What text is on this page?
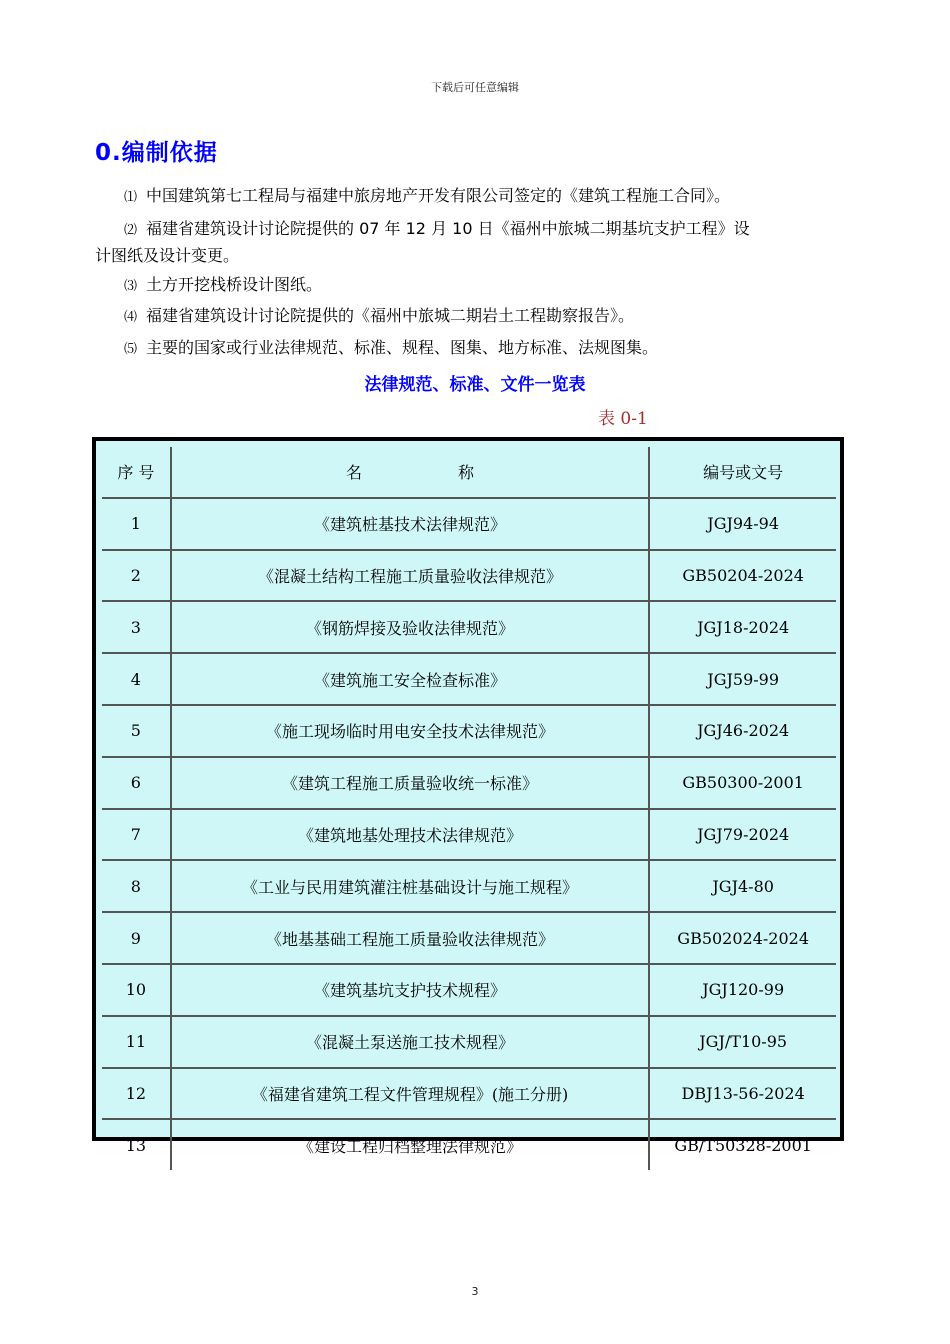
下载后可任意编辑
0.编制依据
⑴ 中国建筑第七工程局与福建中旅房地产开发有限公司签定的《建筑工程施工合同》。
⑵ 福建省建筑设计讨论院提供的 07 年 12 月 10 日《福州中旅城二期基坑支护工程》设
计图纸及设计变更。
⑶ 土方开挖栈桥设计图纸。
⑷ 福建省建筑设计讨论院提供的《福州中旅城二期岩土工程勘察报告》。
⑸ 主要的国家或行业法律规范、标准、规程、图集、地方标准、法规图集。
法律规范、标准、文件一览表
表 0-1
序 号	名　　　　　　称	编号或文号
1	《建筑桩基技术法律规范》	JGJ94-94
2	《混凝土结构工程施工质量验收法律规范》	GB50204-2024
3	《钢筋焊接及验收法律规范》	JGJ18-2024
4	《建筑施工安全检查标准》	JGJ59-99
5	《施工现场临时用电安全技术法律规范》	JGJ46-2024
6	《建筑工程施工质量验收统一标准》	GB50300-2001
7	《建筑地基处理技术法律规范》	JGJ79-2024
8	《工业与民用建筑灌注桩基础设计与施工规程》	JGJ4-80
9	《地基基础工程施工质量验收法律规范》	GB502024-2024
10	《建筑基坑支护技术规程》	JGJ120-99
11	《混凝土泵送施工技术规程》	JGJ/T10-95
12	《福建省建筑工程文件管理规程》(施工分册)	DBJ13-56-2024
13	《建设工程归档整理法律规范》	GB/T50328-2001
3
